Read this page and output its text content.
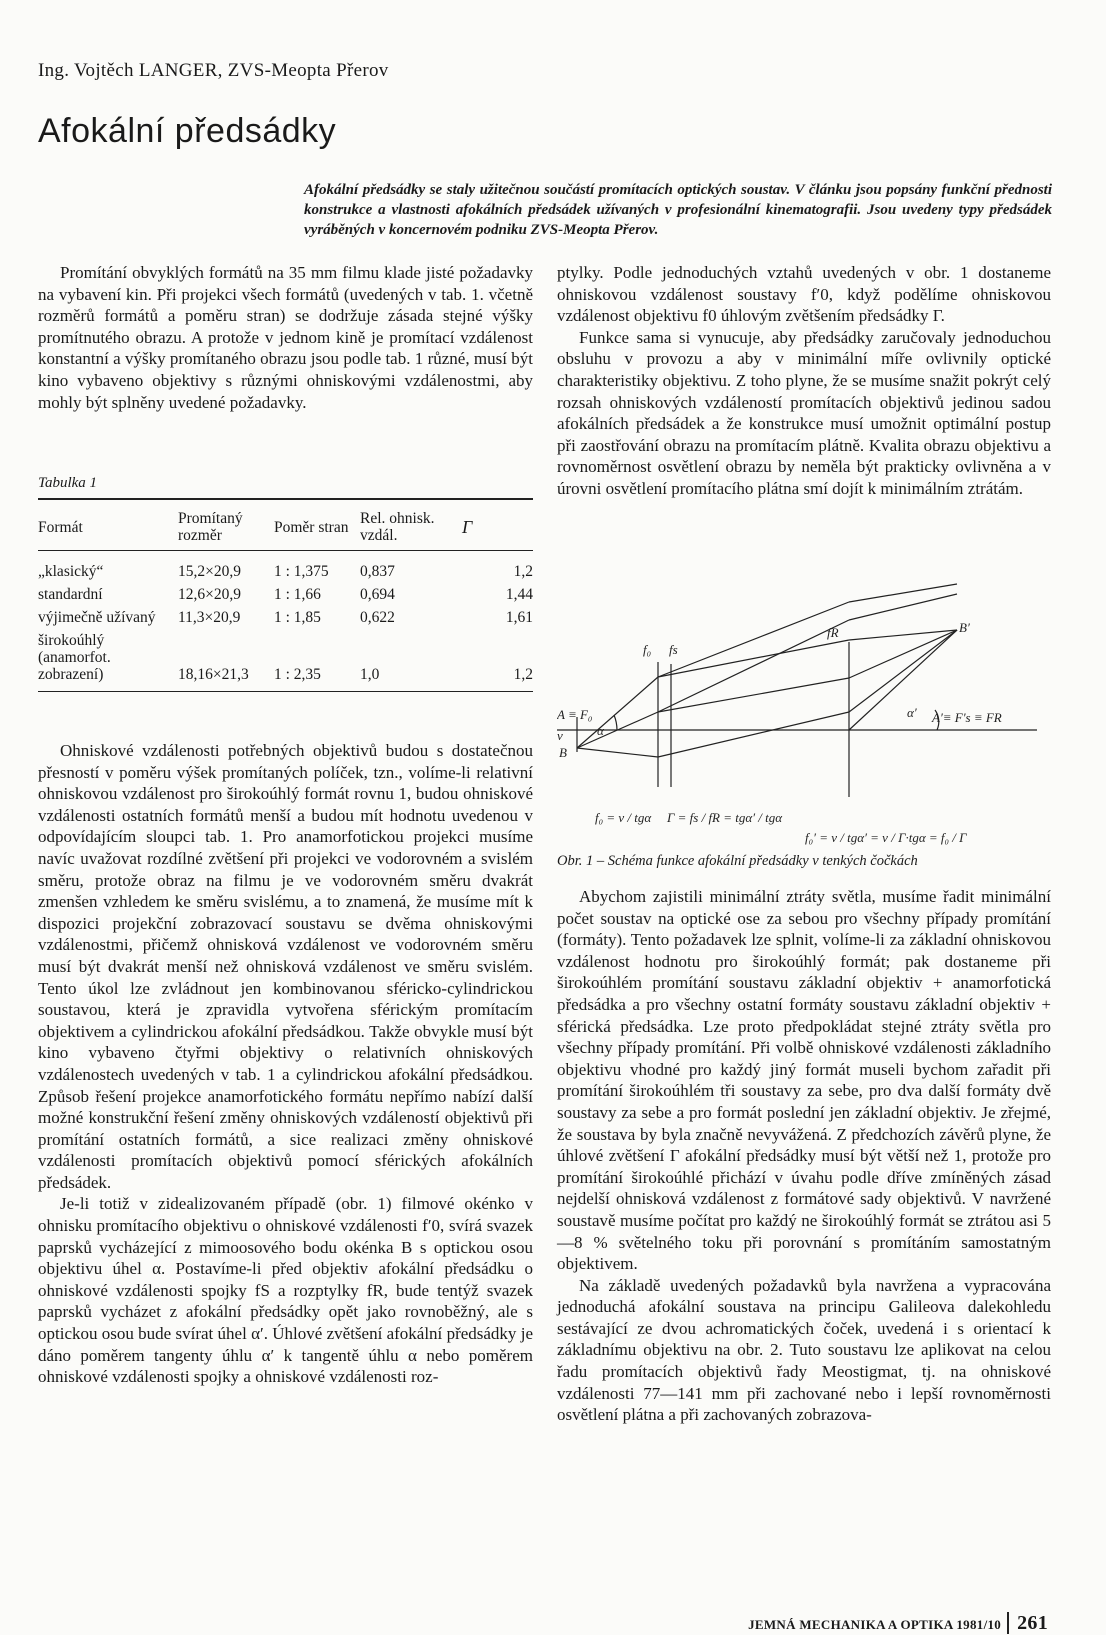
Ing. Vojtěch LANGER, ZVS-Meopta Přerov
Afokální předsádky
Afokální předsádky se staly užitečnou součástí promítacích optických soustav. V článku jsou popsány funkční přednosti konstrukce a vlastnosti afokálních předsádek užívaných v profesionální kinematografii. Jsou uvedeny typy předsádek vyráběných v koncernovém podniku ZVS-Meopta Přerov.

Promítání obvyklých formátů na 35 mm filmu klade jisté požadavky na vybavení kin. Při projekci všech formátů (uvedených v tab. 1. včetně rozměrů formátů a poměru stran) se dodržuje zásada stejné výšky promítnutého obrazu. A protože v jednom kině je promítací vzdálenost konstantní a výšky promítaného obrazu jsou podle tab. 1 různé, musí být kino vybaveno objektivy s různými ohniskovými vzdálenostmi, aby mohly být splněny uvedené požadavky.

Tabulka 1
Formát	Promítaný rozměr	Poměr stran	Rel. ohnisk. vzdál.	Γ
„klasický“	15,2×20,9	1 : 1,375	0,837	1,2
standardní	12,6×20,9	1 : 1,66	0,694	1,44
výjimečně užívaný	11,3×20,9	1 : 1,85	0,622	1,61
širokoúhlý (anamorfot. zobrazení)	18,16×21,3	1 : 2,35	1,0	1,2

Ohniskové vzdálenosti potřebných objektivů budou s dostatečnou přesností v poměru výšek promítaných políček, tzn., volíme-li relativní ohniskovou vzdálenost pro širokoúhlý formát rovnu 1, budou ohniskové vzdálenosti ostatních formátů menší a budou mít hodnotu uvedenou v odpovídajícím sloupci tab. 1. Pro anamorfotickou projekci musíme navíc uvažovat rozdílné zvětšení při projekci ve vodorovném a svislém směru, protože obraz na filmu je ve vodorovném směru dvakrát zmenšen vzhledem ke směru svislému, a to znamená, že musíme mít k dispozici projekční zobrazovací soustavu se dvěma ohniskovými vzdálenostmi, přičemž ohnisková vzdálenost ve vodorovném směru musí být dvakrát menší než ohnisková vzdálenost ve směru svislém. Tento úkol lze zvládnout jen kombinovanou sféricko-cylindrickou soustavou, která je zpravidla vytvořena sférickým promítacím objektivem a cylindrickou afokální předsádkou. Takže obvykle musí být kino vybaveno čtyřmi objektivy o relativních ohniskových vzdálenostech uvedených v tab. 1 a cylindrickou afokální předsádkou. Způsob řešení projekce anamorfotického formátu nepřímo nabízí další možné konstrukční řešení změny ohniskových vzdáleností objektivů při promítání ostatních formátů, a sice realizaci změny ohniskové vzdálenosti promítacích objektivů pomocí sférických afokálních předsádek.

Je-li totiž v zidealizovaném případě (obr. 1) filmové okénko v ohnisku promítacího objektivu o ohniskové vzdálenosti f′0, svírá svazek paprsků vycházející z mimoosového bodu okénka B s optickou osou objektivu úhel α. Postavíme-li před objektiv afokální předsádku o ohniskové vzdálenosti spojky fS a rozptylky fR, bude tentýž svazek paprsků vycházet z afokální předsádky opět jako rovnoběžný, ale s optickou osou bude svírat úhel α′. Úhlové zvětšení afokální předsádky je dáno poměrem tangenty úhlu α′ k tangentě úhlu α nebo poměrem ohniskové vzdálenosti spojky a ohniskové vzdálenosti roz-

ptylky. Podle jednoduchých vztahů uvedených v obr. 1 dostaneme ohniskovou vzdálenost soustavy f′0, když podělíme ohniskovou vzdálenost objektivu f0 úhlovým zvětšením předsádky Γ.

Funkce sama si vynucuje, aby předsádky zaručovaly jednoduchou obsluhu v provozu a aby v minimální míře ovlivnily optické charakteristiky objektivu. Z toho plyne, že se musíme snažit pokrýt celý rozsah ohniskových vzdáleností promítacích objektivů jedinou sadou afokálních předsádek a že konstrukce musí umožnit optimální postup při zaostřování obrazu na promítacím plátně. Kvalita obrazu objektivu a rovnoměrnost osvětlení obrazu by neměla být prakticky ovlivněna a v úrovni osvětlení promítacího plátna smí dojít k minimálním ztrátám.

f₀ fs
fR	B′
A ≡ F₀	A′≡ F's ≡ FR
B
v	α
α′
f₀ = v / tgα Γ = fs / fR = tgα′ / tgα
f₀′ = v / tgα′ = v / Γ·tgα = f₀ / Γ
Obr. 1 – Schéma funkce afokální předsádky v tenkých čočkách

Abychom zajistili minimální ztráty světla, musíme řadit minimální počet soustav na optické ose za sebou pro všechny případy promítání (formáty). Tento požadavek lze splnit, volíme-li za základní ohniskovou vzdálenost hodnotu pro širokoúhlý formát; pak dostaneme při širokoúhlém promítání soustavu základní objektiv + anamorfotická předsádka a pro všechny ostatní formáty soustavu základní objektiv + sférická předsádka. Lze proto předpokládat stejné ztráty světla pro všechny případy promítání. Při volbě ohniskové vzdálenosti základního objektivu vhodné pro každý jiný formát museli bychom zařadit při promítání širokoúhlém tři soustavy za sebe, pro dva další formáty dvě soustavy za sebe a pro formát poslední jen základní objektiv. Je zřejmé, že soustava by byla značně nevyvážená. Z předchozích závěrů plyne, že úhlové zvětšení Γ afokální předsádky musí být větší než 1, protože pro promítání širokoúhlé přichází v úvahu podle dříve zmíněných zásad nejdelší ohnisková vzdálenost z formátové sady objektivů. V navržené soustavě musíme počítat pro každý ne širokoúhlý formát se ztrátou asi 5—8 % světelného toku při porovnání s promítáním samostatným objektivem.

Na základě uvedených požadavků byla navržena a vypracována jednoduchá afokální soustava na principu Galileova dalekohledu sestávající ze dvou achromatických čoček, uvedená i s orientací k základnímu objektivu na obr. 2. Tuto soustavu lze aplikovat na celou řadu promítacích objektivů řady Meostigmat, tj. na ohniskové vzdálenosti 77—141 mm při zachované nebo i lepší rovnoměrnosti osvětlení plátna a při zachovaných zobrazova-

JEMNÁ MECHANIKA A OPTIKA 1981/10 261
